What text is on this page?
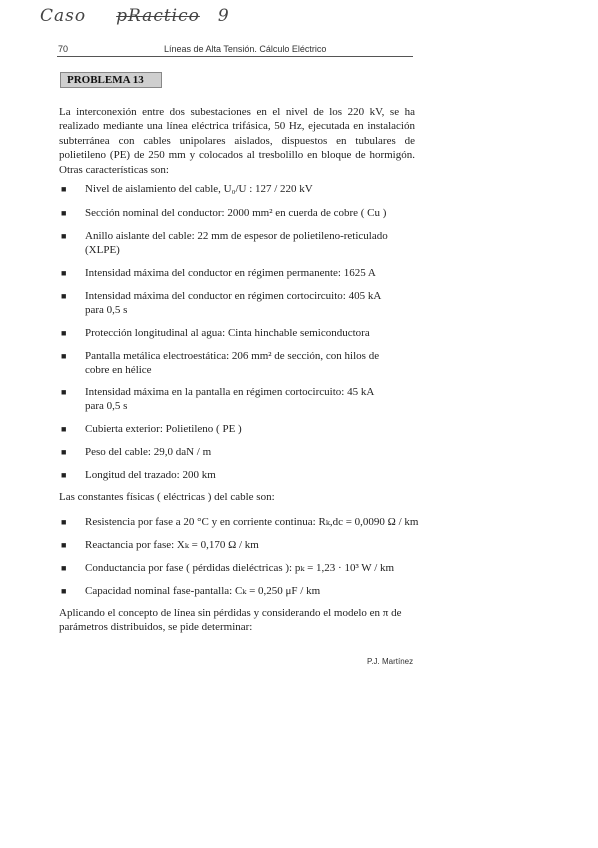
Caso pRactico 9
70	Líneas de Alta Tensión. Cálculo Eléctrico
PROBLEMA 13
La interconexión entre dos subestaciones en el nivel de los 220 kV, se ha realizado mediante una línea eléctrica trifásica, 50 Hz, ejecutada en instalación subterránea con cables unipolares aislados, dispuestos en tubulares de polietileno (PE) de 250 mm y colocados al tresbolillo en bloque de hormigón. Otras características son:
■ Nivel de aislamiento del cable, U₀/U : 127 / 220 kV
■ Sección nominal del conductor: 2000 mm² en cuerda de cobre ( Cu )
■ Anillo aislante del cable: 22 mm de espesor de polietileno-reticulado
(XLPE)
■ Intensidad máxima del conductor en régimen permanente: 1625 A
■ Intensidad máxima del conductor en régimen cortocircuito: 405 kA
para 0,5 s
■ Protección longitudinal al agua: Cinta hinchable semiconductora
■ Pantalla metálica electroestática: 206 mm² de sección, con hilos de
cobre en hélice
■ Intensidad máxima en la pantalla en régimen cortocircuito: 45 kA
para 0,5 s
■ Cubierta exterior: Polietileno ( PE )
■ Peso del cable: 29,0 daN / m
■ Longitud del trazado: 200 km
Las constantes físicas ( eléctricas ) del cable son:
■ Resistencia por fase a 20 °C y en corriente continua: Rₖ,dc = 0,0090 Ω / km
■ Reactancia por fase: Xₖ = 0,170 Ω / km
■ Conductancia por fase ( pérdidas dieléctricas ): pₖ = 1,23 · 10³ W / km
■ Capacidad nominal fase-pantalla: Cₖ = 0,250 μF / km
Aplicando el concepto de línea sin pérdidas y considerando el modelo en π de parámetros distribuidos, se pide determinar:
P.J. Martínez
